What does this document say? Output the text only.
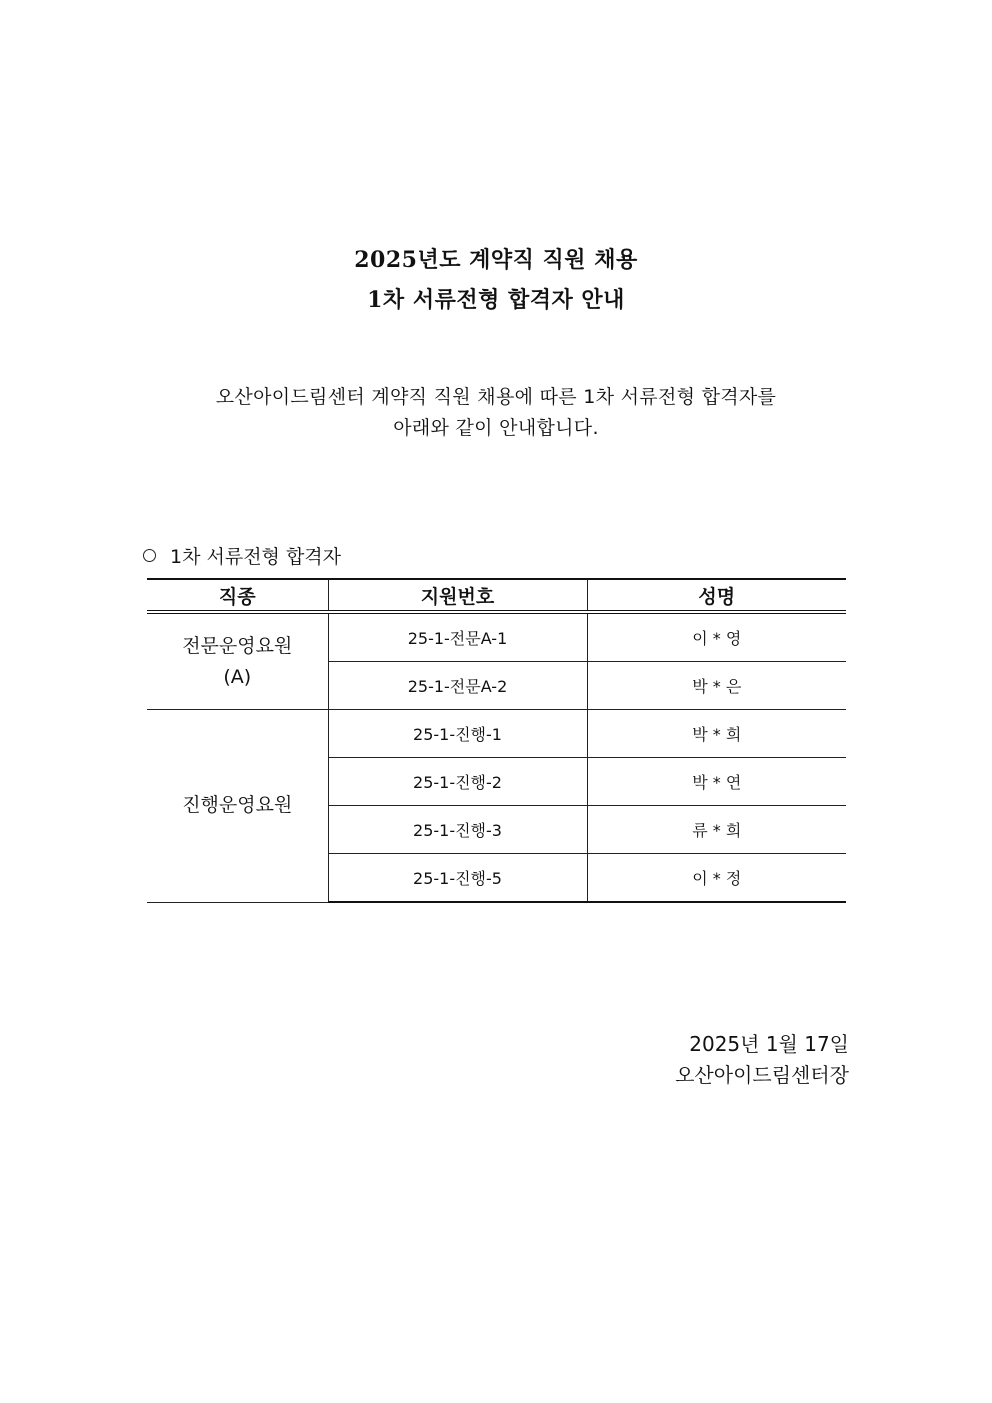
2025년도 계약직 직원 채용
1차 서류전형 합격자 안내
오산아이드림센터 계약직 직원 채용에 따른 1차 서류전형 합격자를
아래와 같이 안내합니다.
1차 서류전형 합격자
직종	지원번호	성명

전문운영요원
(A)	25-1-전문A-1	이 * 영
	25-1-전문A-2	박 * 은

진행운영요원	25-1-진행-1	박 * 희
	25-1-진행-2	박 * 연
	25-1-진행-3	류 * 희
	25-1-진행-5	이 * 정
2025년 1월 17일
오산아이드림센터장
